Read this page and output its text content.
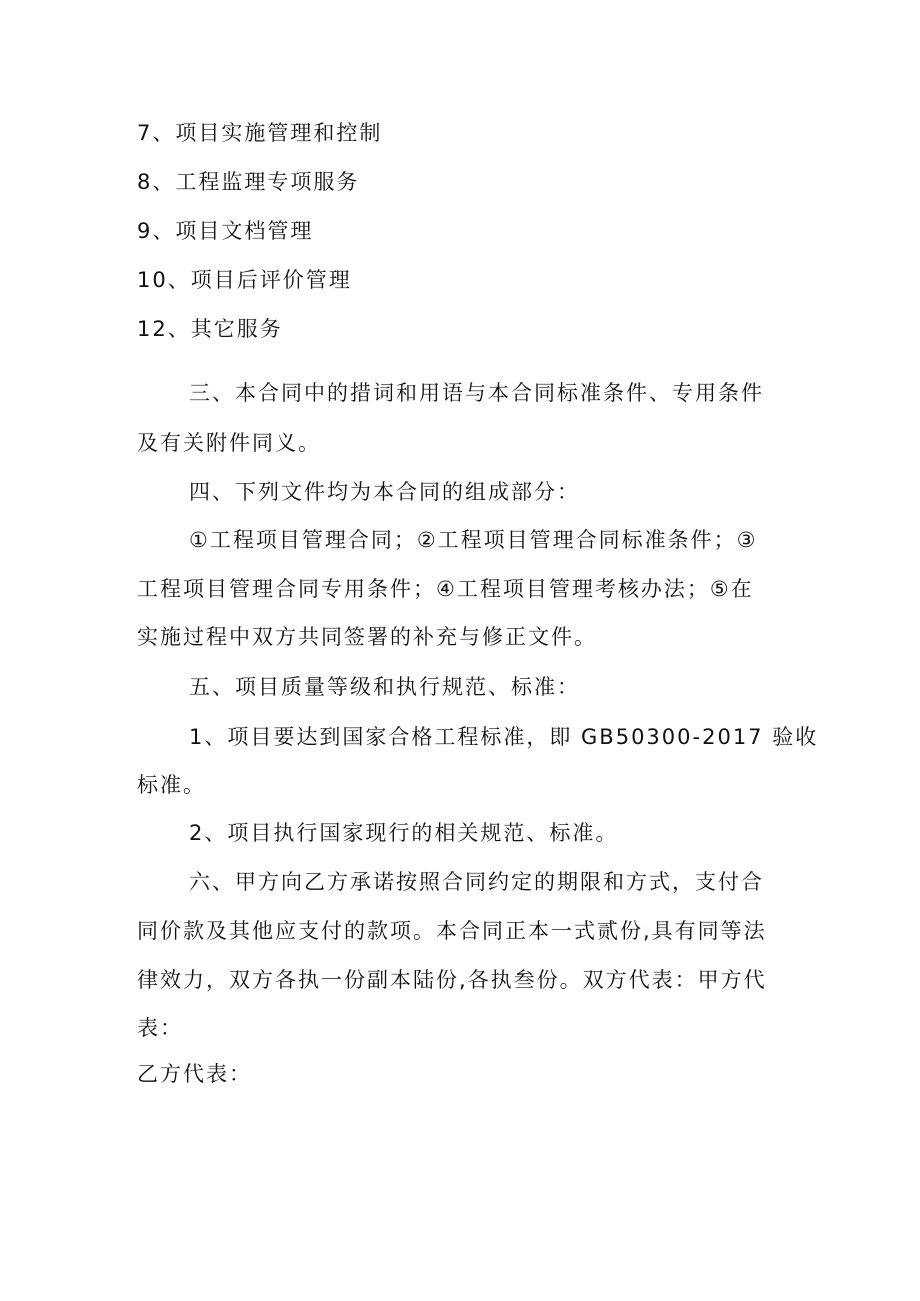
7、项目实施管理和控制
8、工程监理专项服务
9、项目文档管理
10、项目后评价管理
12、其它服务
三、本合同中的措词和用语与本合同标准条件、专用条件
及有关附件同义。
四、下列文件均为本合同的组成部分：
①工程项目管理合同；②工程项目管理合同标准条件；③
工程项目管理合同专用条件；④工程项目管理考核办法；⑤在
实施过程中双方共同签署的补充与修正文件。
五、项目质量等级和执行规范、标准：
1、项目要达到国家合格工程标准，即 GB50300-2017 验收
标准。
2、项目执行国家现行的相关规范、标准。
六、甲方向乙方承诺按照合同约定的期限和方式，支付合
同价款及其他应支付的款项。本合同正本一式贰份,具有同等法
律效力，双方各执一份副本陆份,各执叁份。双方代表：甲方代
表：
乙方代表：
